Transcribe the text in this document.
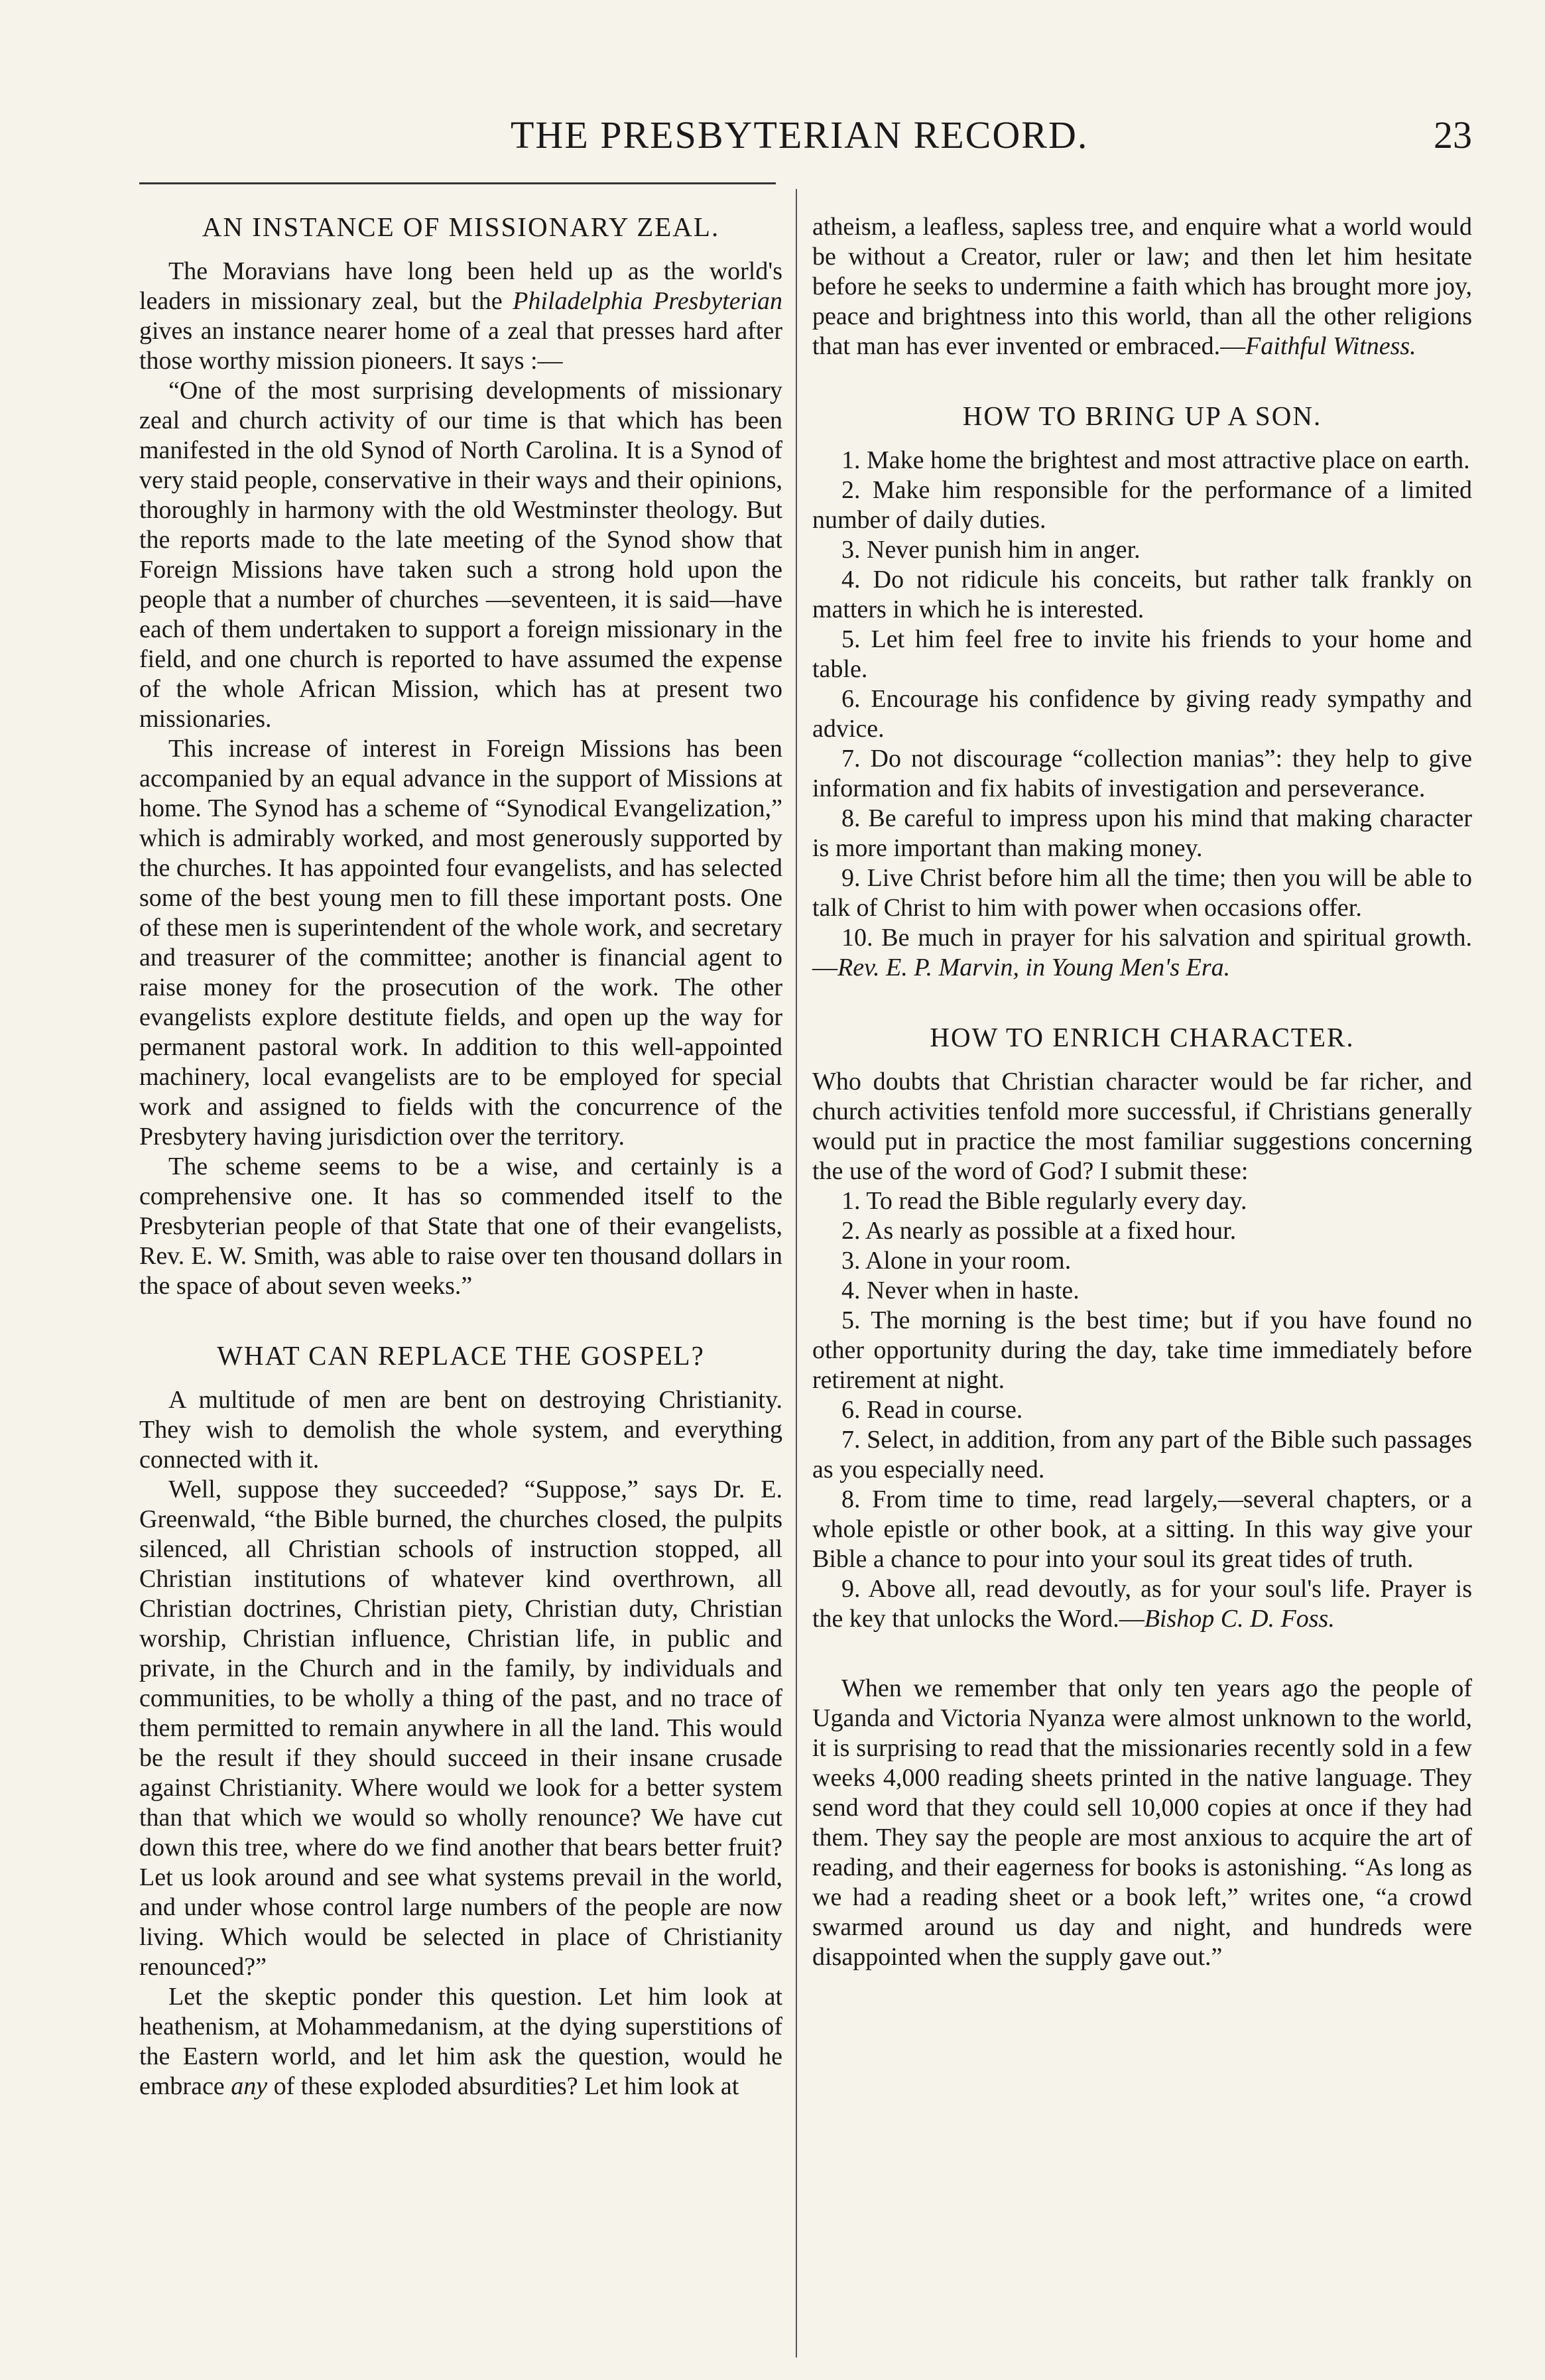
THE PRESBYTERIAN RECORD.	23
AN INSTANCE OF MISSIONARY ZEAL.

The Moravians have long been held up as the world's leaders in missionary zeal, but the Philadelphia Presbyterian gives an instance nearer home of a zeal that presses hard after those worthy mission pioneers. It says :—

“One of the most surprising developments of missionary zeal and church activity of our time is that which has been manifested in the old Synod of North Carolina. It is a Synod of very staid people, conservative in their ways and their opinions, thoroughly in harmony with the old Westminster theology. But the reports made to the late meeting of the Synod show that Foreign Missions have taken such a strong hold upon the people that a number of churches —seventeen, it is said—have each of them undertaken to support a foreign missionary in the field, and one church is reported to have assumed the expense of the whole African Mission, which has at present two missionaries.

This increase of interest in Foreign Missions has been accompanied by an equal advance in the support of Missions at home. The Synod has a scheme of “Synodical Evangelization,” which is admirably worked, and most generously supported by the churches. It has appointed four evangelists, and has selected some of the best young men to fill these important posts. One of these men is superintendent of the whole work, and secretary and treasurer of the committee; another is financial agent to raise money for the prosecution of the work. The other evangelists explore destitute fields, and open up the way for permanent pastoral work. In addition to this well-appointed machinery, local evangelists are to be employed for special work and assigned to fields with the concurrence of the Presbytery having jurisdiction over the territory.

The scheme seems to be a wise, and certainly is a comprehensive one. It has so commended itself to the Presbyterian people of that State that one of their evangelists, Rev. E. W. Smith, was able to raise over ten thousand dollars in the space of about seven weeks.”

WHAT CAN REPLACE THE GOSPEL?

A multitude of men are bent on destroying Christianity. They wish to demolish the whole system, and everything connected with it.

Well, suppose they succeeded? “Suppose,” says Dr. E. Greenwald, “the Bible burned, the churches closed, the pulpits silenced, all Christian schools of instruction stopped, all Christian institutions of whatever kind overthrown, all Christian doctrines, Christian piety, Christian duty, Christian worship, Christian influence, Christian life, in public and private, in the Church and in the family, by individuals and communities, to be wholly a thing of the past, and no trace of them permitted to remain anywhere in all the land. This would be the result if they should succeed in their insane crusade against Christianity. Where would we look for a better system than that which we would so wholly renounce? We have cut down this tree, where do we find another that bears better fruit? Let us look around and see what systems prevail in the world, and under whose control large numbers of the people are now living. Which would be selected in place of Christianity renounced?”

Let the skeptic ponder this question. Let him look at heathenism, at Mohammedanism, at the dying superstitions of the Eastern world, and let him ask the question, would he embrace any of these exploded absurdities? Let him look at

atheism, a leafless, sapless tree, and enquire what a world would be without a Creator, ruler or law; and then let him hesitate before he seeks to undermine a faith which has brought more joy, peace and brightness into this world, than all the other religions that man has ever invented or embraced.—Faithful Witness.

HOW TO BRING UP A SON.

1. Make home the brightest and most attractive place on earth.

2. Make him responsible for the performance of a limited number of daily duties.

3. Never punish him in anger.

4. Do not ridicule his conceits, but rather talk frankly on matters in which he is interested.

5. Let him feel free to invite his friends to your home and table.

6. Encourage his confidence by giving ready sympathy and advice.

7. Do not discourage “collection manias”: they help to give information and fix habits of investigation and perseverance.

8. Be careful to impress upon his mind that making character is more important than making money.

9. Live Christ before him all the time; then you will be able to talk of Christ to him with power when occasions offer.

10. Be much in prayer for his salvation and spiritual growth.—Rev. E. P. Marvin, in Young Men's Era.

HOW TO ENRICH CHARACTER.

Who doubts that Christian character would be far richer, and church activities tenfold more successful, if Christians generally would put in practice the most familiar suggestions concerning the use of the word of God? I submit these:

1. To read the Bible regularly every day.

2. As nearly as possible at a fixed hour.

3. Alone in your room.

4. Never when in haste.

5. The morning is the best time; but if you have found no other opportunity during the day, take time immediately before retirement at night.

6. Read in course.

7. Select, in addition, from any part of the Bible such passages as you especially need.

8. From time to time, read largely,—several chapters, or a whole epistle or other book, at a sitting. In this way give your Bible a chance to pour into your soul its great tides of truth.

9. Above all, read devoutly, as for your soul's life. Prayer is the key that unlocks the Word.—Bishop C. D. Foss.

When we remember that only ten years ago the people of Uganda and Victoria Nyanza were almost unknown to the world, it is surprising to read that the missionaries recently sold in a few weeks 4,000 reading sheets printed in the native language. They send word that they could sell 10,000 copies at once if they had them. They say the people are most anxious to acquire the art of reading, and their eagerness for books is astonishing. “As long as we had a reading sheet or a book left,” writes one, “a crowd swarmed around us day and night, and hundreds were disappointed when the supply gave out.”
